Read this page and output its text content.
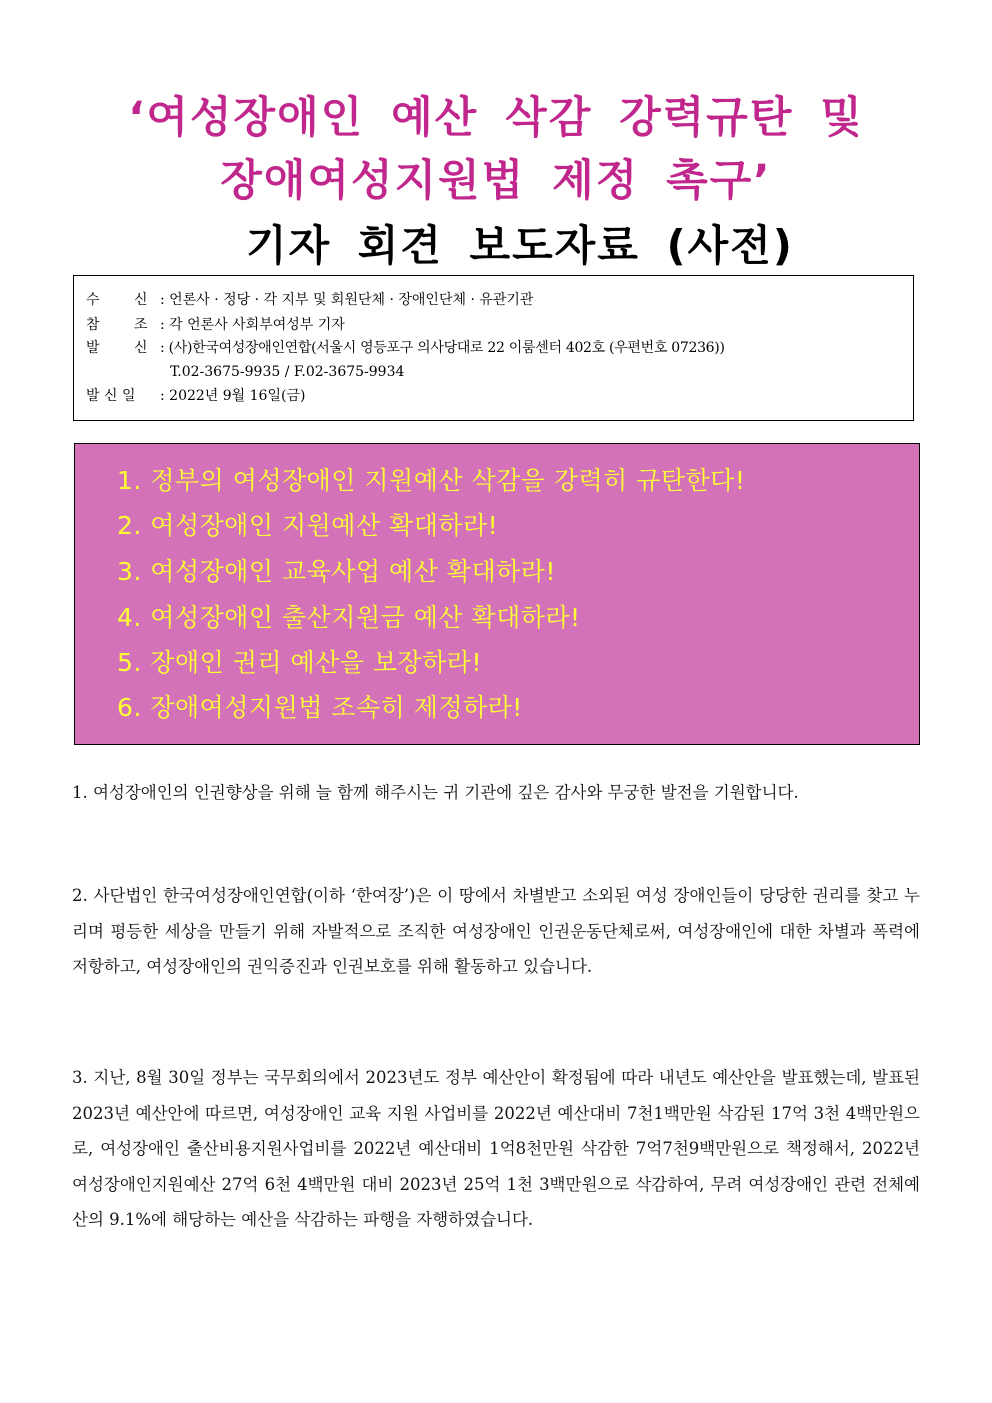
‘여성장애인 예산 삭감 강력규탄 및
장애여성지원법 제정 촉구’
기자 회견 보도자료 (사전)
수 신 : 언론사 · 정당 · 각 지부 및 회원단체 · 장애인단체 · 유관기관
참 조 : 각 언론사 사회부여성부 기자
발 신 : (사)한국여성장애인연합(서울시 영등포구 의사당대로 22 이룸센터 402호 (우편번호 07236))
T.02-3675-9935 / F.02-3675-9934
발 신 일 : 2022년 9월 16일(금)
1. 정부의 여성장애인 지원예산 삭감을 강력히 규탄한다!
2. 여성장애인 지원예산 확대하라!
3. 여성장애인 교육사업 예산 확대하라!
4. 여성장애인 출산지원금 예산 확대하라!
5. 장애인 권리 예산을 보장하라!
6. 장애여성지원법 조속히 제정하라!
1. 여성장애인의 인권향상을 위해 늘 함께 해주시는 귀 기관에 깊은 감사와 무궁한 발전을 기원합니다.
2. 사단법인 한국여성장애인연합(이하 ‘한여장’)은 이 땅에서 차별받고 소외된 여성 장애인들이 당당한 권리를 찾고 누리며 평등한 세상을 만들기 위해 자발적으로 조직한 여성장애인 인권운동단체로써, 여성장애인에 대한 차별과 폭력에 저항하고, 여성장애인의 권익증진과 인권보호를 위해 활동하고 있습니다.
3. 지난, 8월 30일 정부는 국무회의에서 2023년도 정부 예산안이 확정됨에 따라 내년도 예산안을 발표했는데, 발표된 2023년 예산안에 따르면, 여성장애인 교육 지원 사업비를 2022년 예산대비 7천1백만원 삭감된 17억 3천 4백만원으로, 여성장애인 출산비용지원사업비를 2022년 예산대비 1억8천만원 삭감한 7억7천9백만원으로 책정해서, 2022년 여성장애인지원예산 27억 6천 4백만원 대비 2023년 25억 1천 3백만원으로 삭감하여, 무려 여성장애인 관련 전체예산의 9.1%에 해당하는 예산을 삭감하는 파행을 자행하였습니다.
